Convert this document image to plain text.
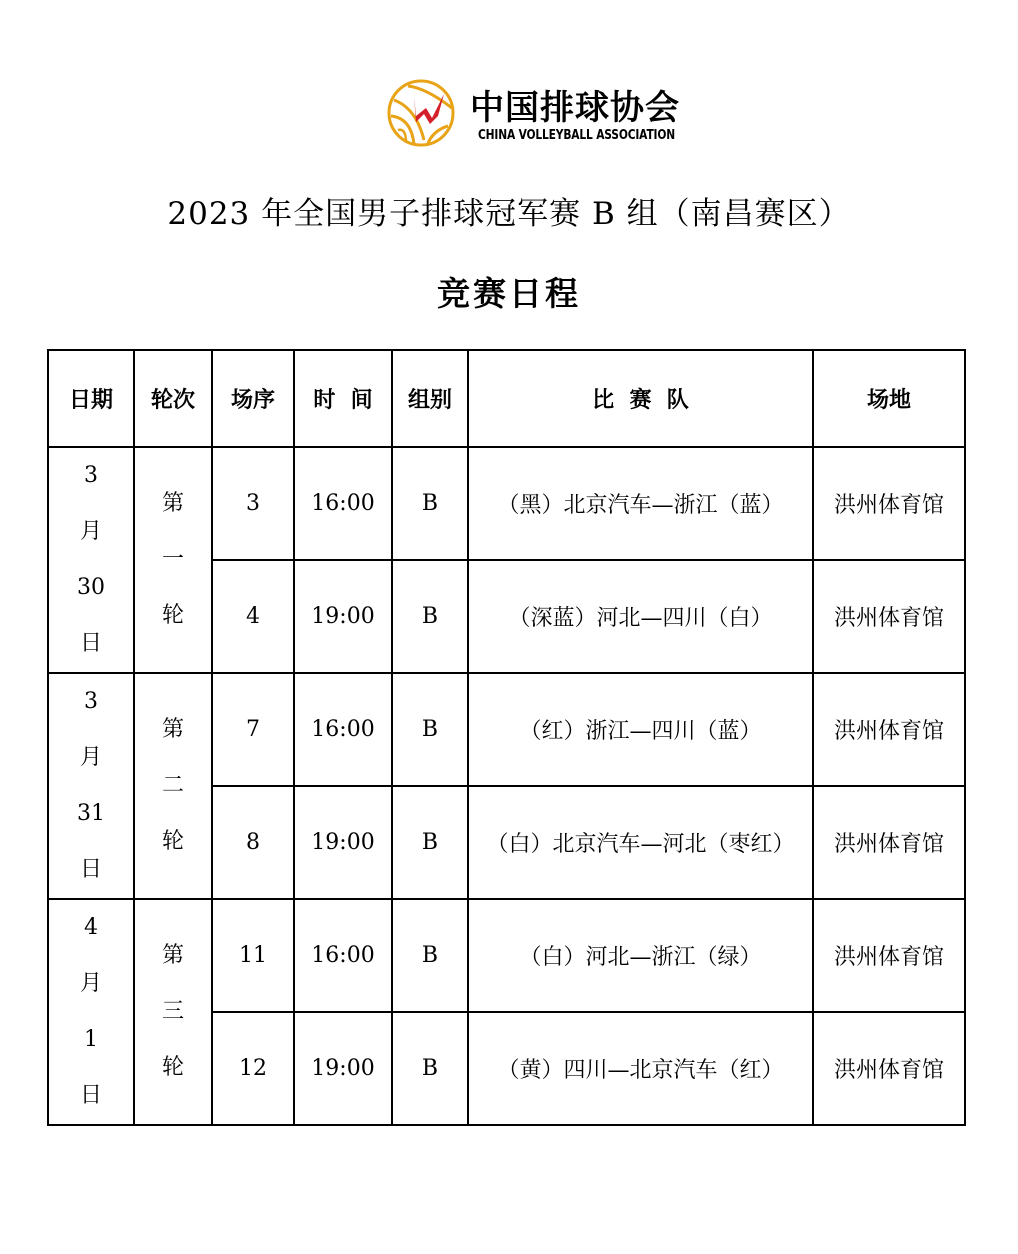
中国排球协会
CHINA VOLLEYBALL ASSOCIATION
2023 年全国男子排球冠军赛 B 组（南昌赛区）
竞赛日程
日期	轮次	场序	时  间	组别	比  赛  队	场地

3
月
30
日	第
一
轮	3	16:00	B	（黑）北京汽车—浙江（蓝）	洪州体育馆
		4	19:00	B	（深蓝）河北—四川（白）	洪州体育馆

3
月
31
日	第
二
轮	7	16:00	B	（红）浙江—四川（蓝）	洪州体育馆
		8	19:00	B	（白）北京汽车—河北（枣红）	洪州体育馆

4
月
1
日	第
三
轮	11	16:00	B	（白）河北—浙江（绿）	洪州体育馆
		12	19:00	B	（黄）四川—北京汽车（红）	洪州体育馆
